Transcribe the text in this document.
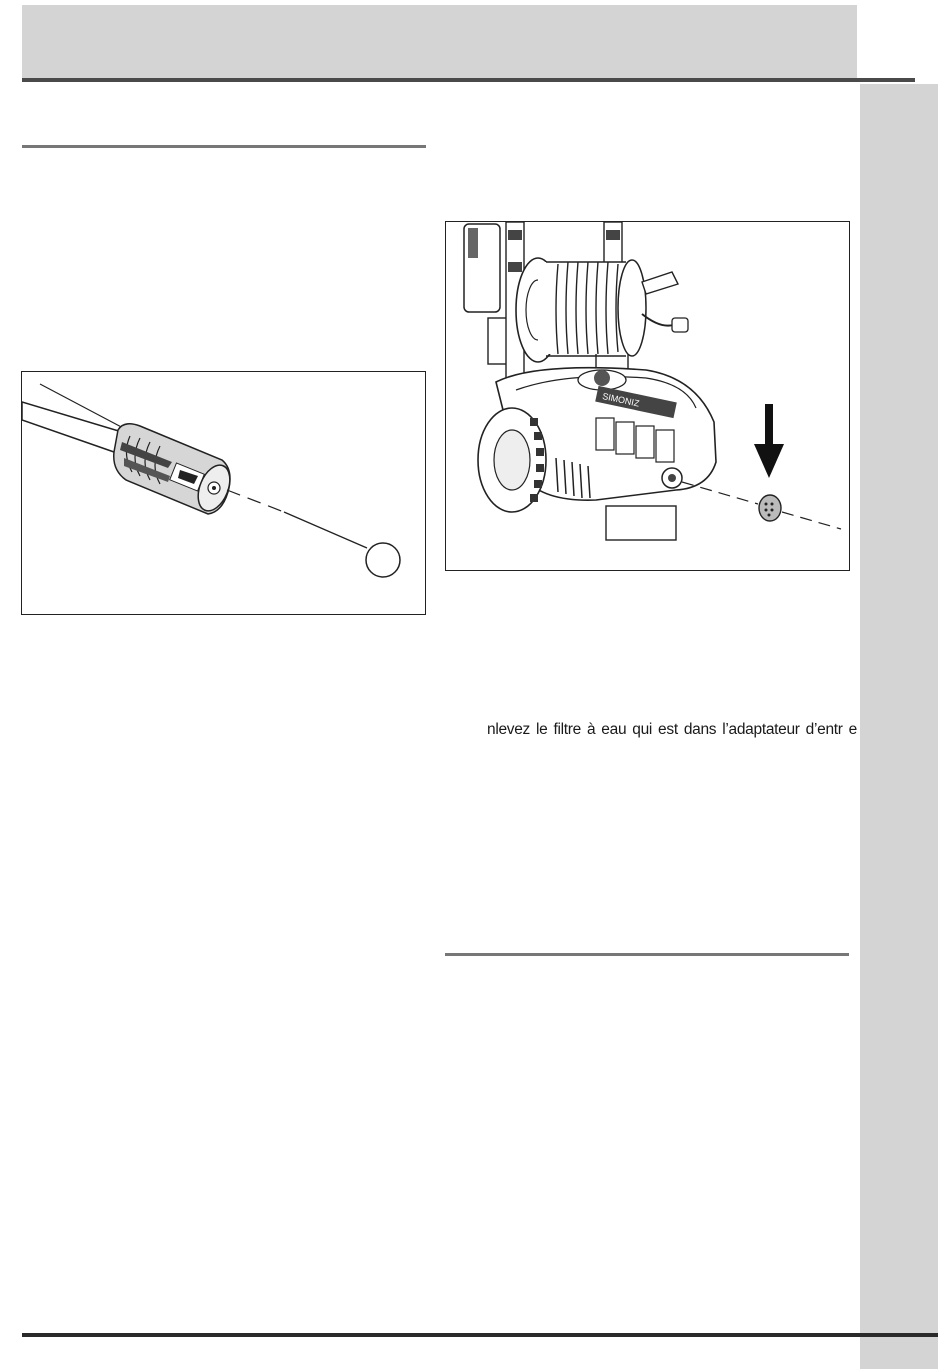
SIMONIZ
nlevez le filtre à eau qui est dans l’adaptateur d’entr e
